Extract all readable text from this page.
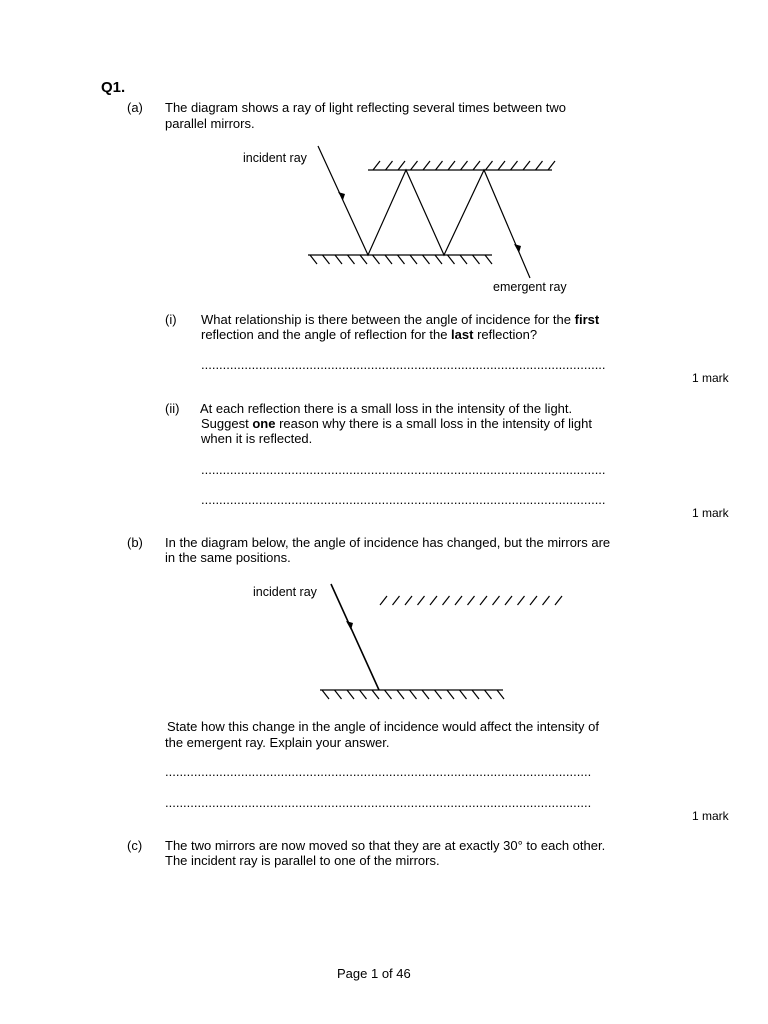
Q1.
(a) The diagram shows a ray of light reflecting several times between two
parallel mirrors.
incident ray
emergent ray
(i) What relationship is there between the angle of incidence for the first
reflection and the angle of reflection for the last reflection?
................................................................................................................
1 mark
(ii) At each reflection there is a small loss in the intensity of the light.
Suggest one reason why there is a small loss in the intensity of light
when it is reflected.
................................................................................................................
................................................................................................................
1 mark
(b) In the diagram below, the angle of incidence has changed, but the mirrors are
in the same positions.
incident ray
State how this change in the angle of incidence would affect the intensity of
the emergent ray. Explain your answer.
......................................................................................................................
......................................................................................................................
1 mark
(c) The two mirrors are now moved so that they are at exactly 30° to each other.
The incident ray is parallel to one of the mirrors.
Page 1 of 46
